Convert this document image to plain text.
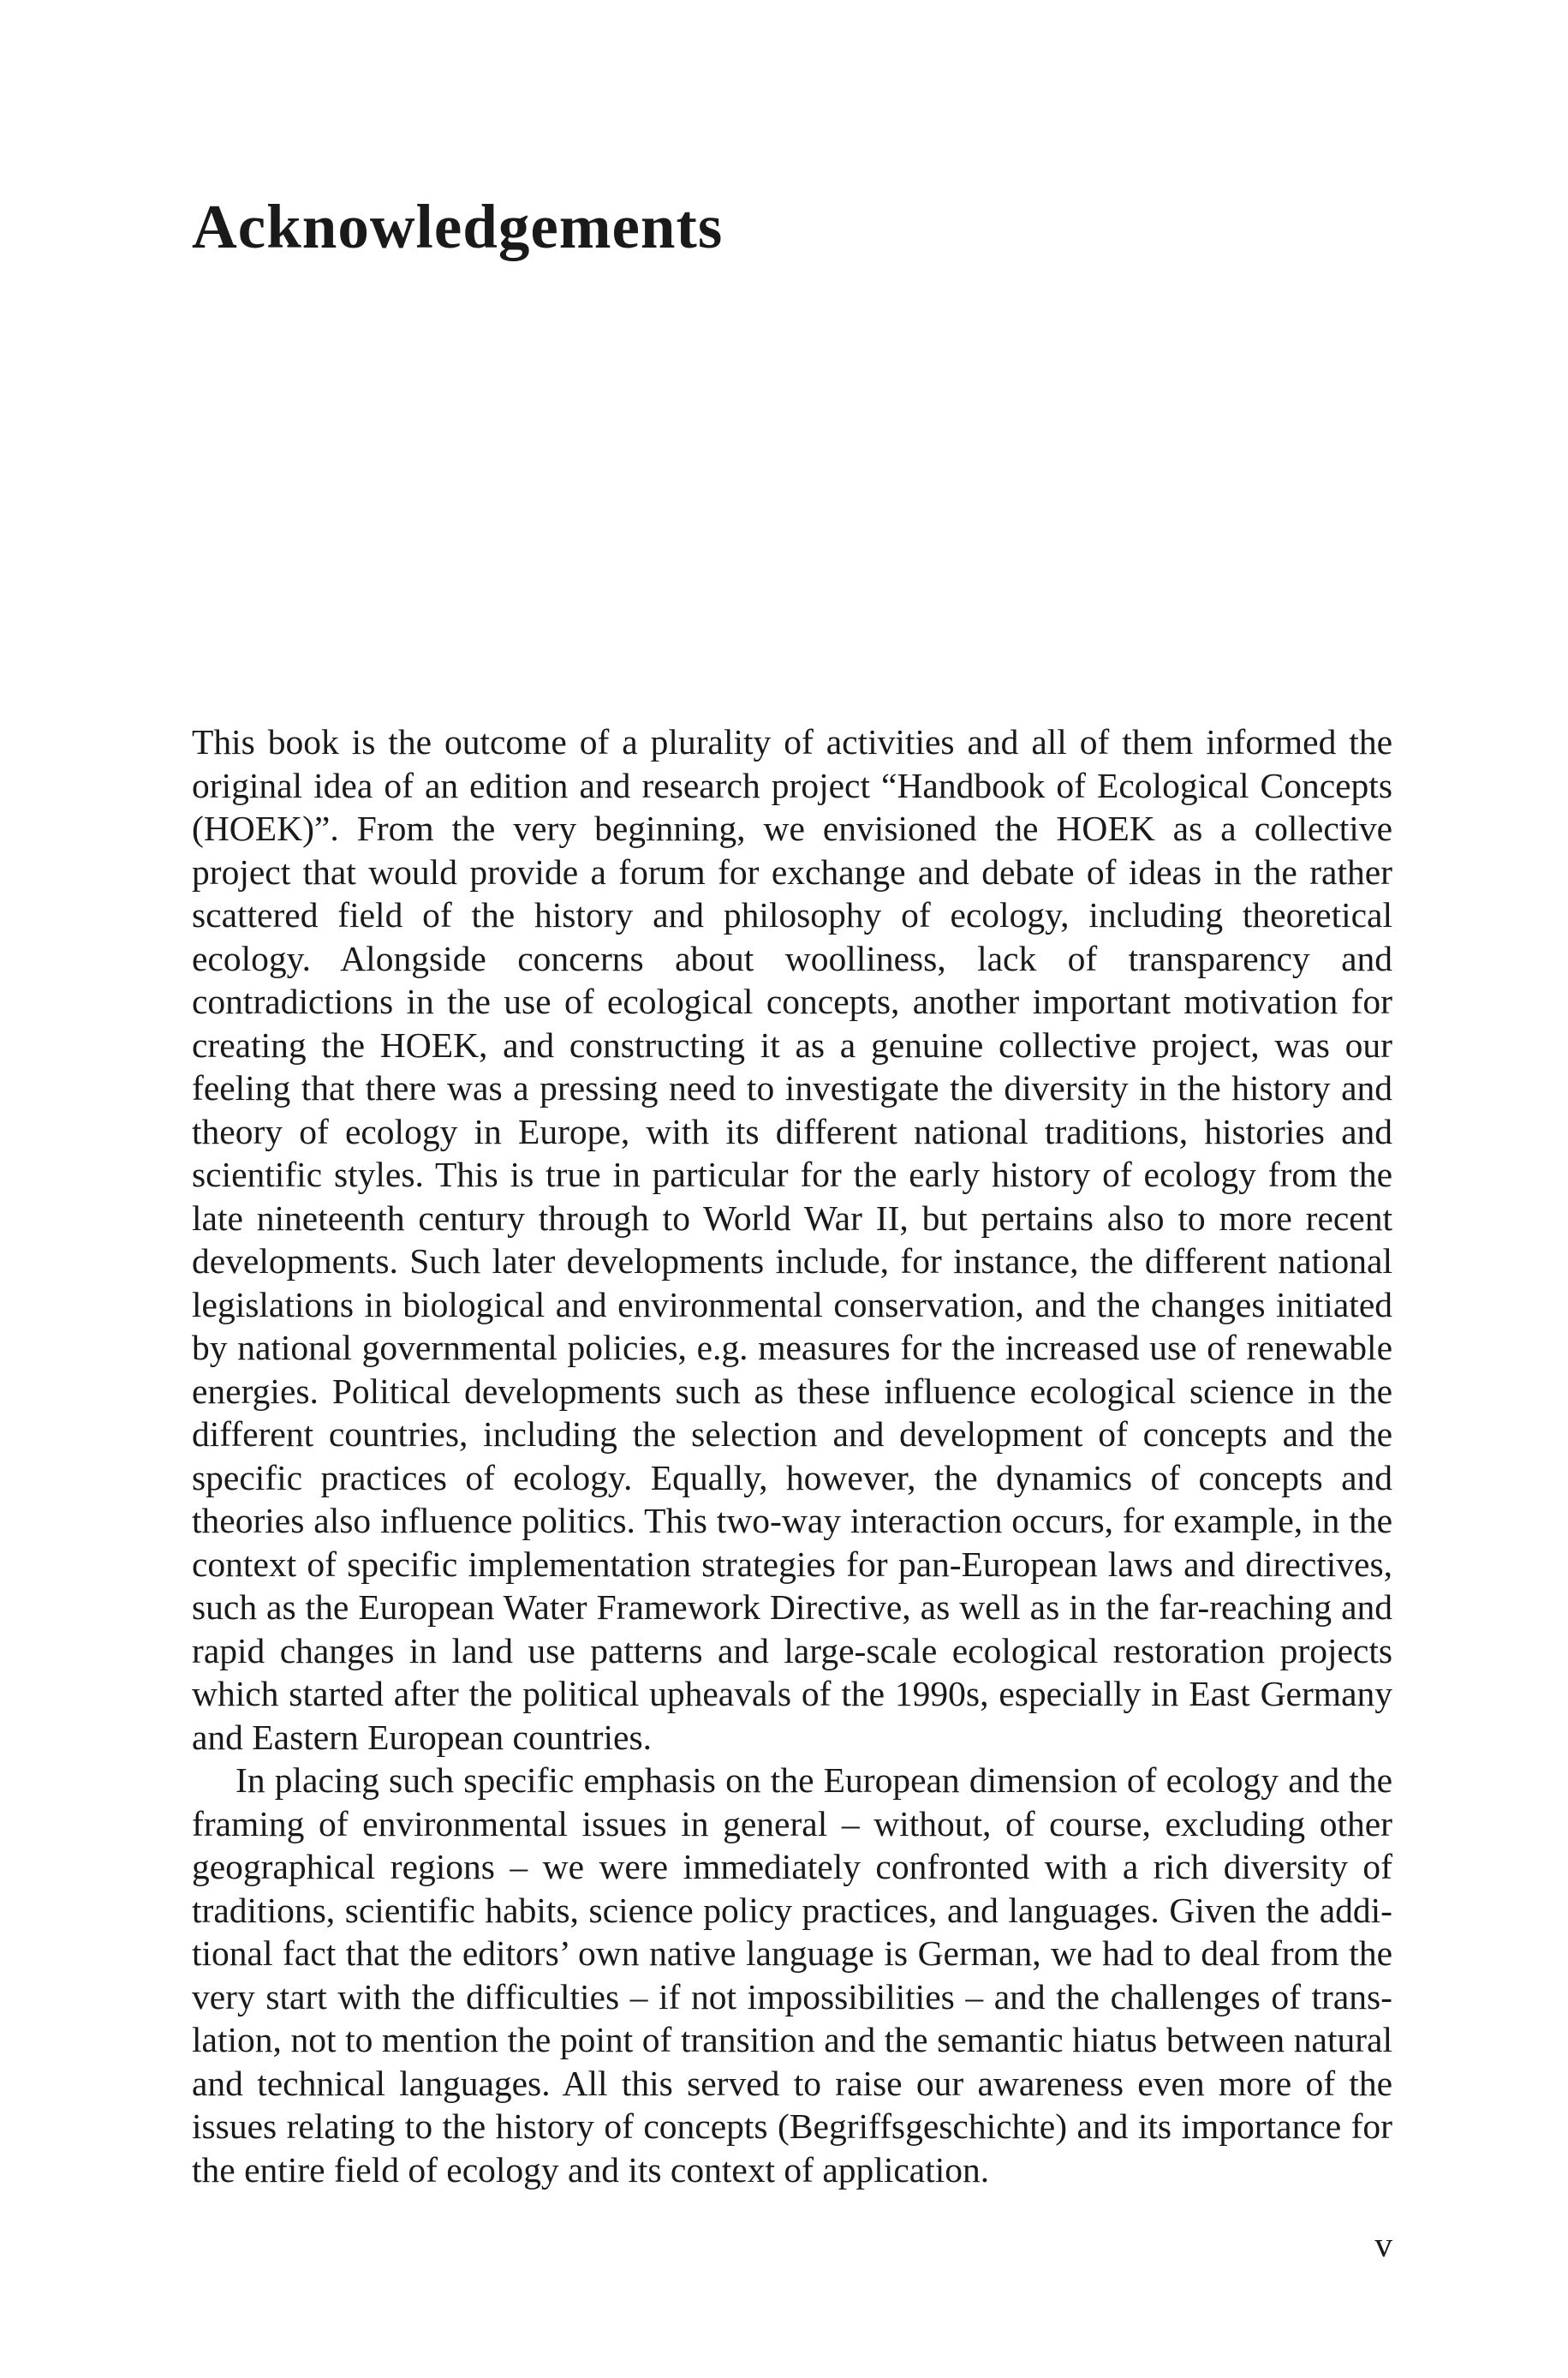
Acknowledgements

This book is the outcome of a plurality of activities and all of them informed the original idea of an edition and research project “Handbook of Ecological Concepts (HOEK)”. From the very beginning, we envisioned the HOEK as a collective project that would provide a forum for exchange and debate of ideas in the rather scattered field of the history and philosophy of ecology, including theoretical ecology. Alongside concerns about woolliness, lack of transparency and contradictions in the use of ecological concepts, another important motivation for creating the HOEK, and constructing it as a genuine collective project, was our feeling that there was a pressing need to investigate the diversity in the history and theory of ecology in Europe, with its different national traditions, histories and scientific styles. This is true in particular for the early history of ecology from the late nineteenth century through to World War II, but pertains also to more recent developments. Such later developments include, for instance, the different national legislations in biological and environmental conservation, and the changes initiated by national governmental policies, e.g. measures for the increased use of renewable energies. Political developments such as these influence ecological science in the different countries, including the selection and development of concepts and the specific practices of ecology. Equally, however, the dynamics of concepts and theories also influence politics. This two-way interaction occurs, for example, in the context of specific implementation strategies for pan-European laws and directives, such as the European Water Framework Directive, as well as in the far-reaching and rapid changes in land use patterns and large-scale ecological restoration projects which started after the political upheavals of the 1990s, especially in East Germany and Eastern European countries.

In placing such specific emphasis on the European dimension of ecology and the framing of environmental issues in general – without, of course, excluding other geographical regions – we were immediately confronted with a rich diversity of traditions, scientific habits, science policy practices, and languages. Given the additional fact that the editors’ own native language is German, we had to deal from the very start with the difficulties – if not impossibilities – and the challenges of translation, not to mention the point of transition and the semantic hiatus between natural and technical languages. All this served to raise our awareness even more of the issues relating to the history of concepts (Begriffsgeschichte) and its importance for the entire field of ecology and its context of application.

v
